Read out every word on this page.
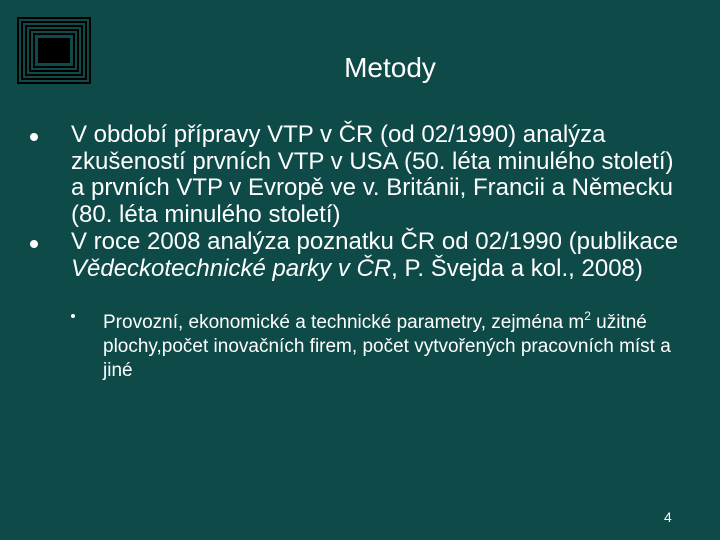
Metody
V období přípravy VTP v ČR (od 02/1990) analýza zkušeností prvních VTP v USA (50. léta minulého století) a prvních VTP v Evropě ve v. Británii, Francii a Německu (80. léta minulého století)
V roce 2008 analýza poznatku ČR od 02/1990 (publikace Vědeckotechnické parky v ČR, P. Švejda a kol., 2008)
Provozní, ekonomické a technické parametry, zejména $m^2$ užitné plochy,počet inovačních firem, počet vytvořených pracovních míst a jiné
4
